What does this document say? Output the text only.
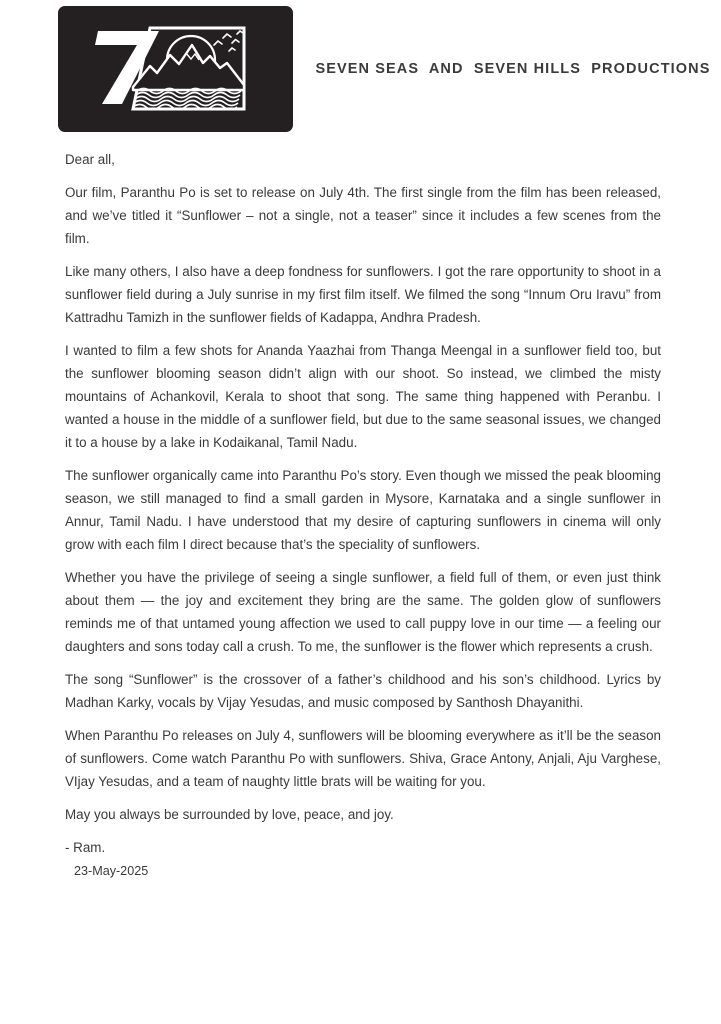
SEVEN SEAS  AND  SEVEN HILLS  PRODUCTIONS

Dear all,

Our film, Paranthu Po is set to release on July 4th. The first single from the film has been released, and we’ve titled it “Sunflower – not a single, not a teaser” since it includes a few scenes from the film.

Like many others, I also have a deep fondness for sunflowers. I got the rare opportunity to shoot in a sunflower field during a July sunrise in my first film itself. We filmed the song “Innum Oru Iravu” from Kattradhu Tamizh in the sunflower fields of Kadappa, Andhra Pradesh.

I wanted to film a few shots for Ananda Yaazhai from Thanga Meengal in a sunflower field too, but the sunflower blooming season didn’t align with our shoot. So instead, we climbed the misty mountains of Achankovil, Kerala to shoot that song. The same thing happened with Peranbu. I wanted a house in the middle of a sunflower field, but due to the same seasonal issues, we changed it to a house by a lake in Kodaikanal, Tamil Nadu.

The sunflower organically came into Paranthu Po’s story. Even though we missed the peak blooming season, we still managed to find a small garden in Mysore, Karnataka and a single sunflower in Annur, Tamil Nadu. I have understood that my desire of capturing sunflowers in cinema will only grow with each film I direct because that’s the speciality of sunflowers.

Whether you have the privilege of seeing a single sunflower, a field full of them, or even just think about them — the joy and excitement they bring are the same. The golden glow of sunflowers reminds me of that untamed young affection we used to call puppy love in our time — a feeling our daughters and sons today call a crush. To me, the sunflower is the flower which represents a crush.

The song “Sunflower” is the crossover of a father’s childhood and his son’s childhood. Lyrics by Madhan Karky, vocals by Vijay Yesudas, and music composed by Santhosh Dhayanithi.

When Paranthu Po releases on July 4, sunflowers will be blooming everywhere as it’ll be the season of sunflowers. Come watch Paranthu Po with sunflowers. Shiva, Grace Antony, Anjali, Aju Varghese, VIjay Yesudas, and a team of naughty little brats will be waiting for you.

May you always be surrounded by love, peace, and joy.

- Ram.

23-May-2025
